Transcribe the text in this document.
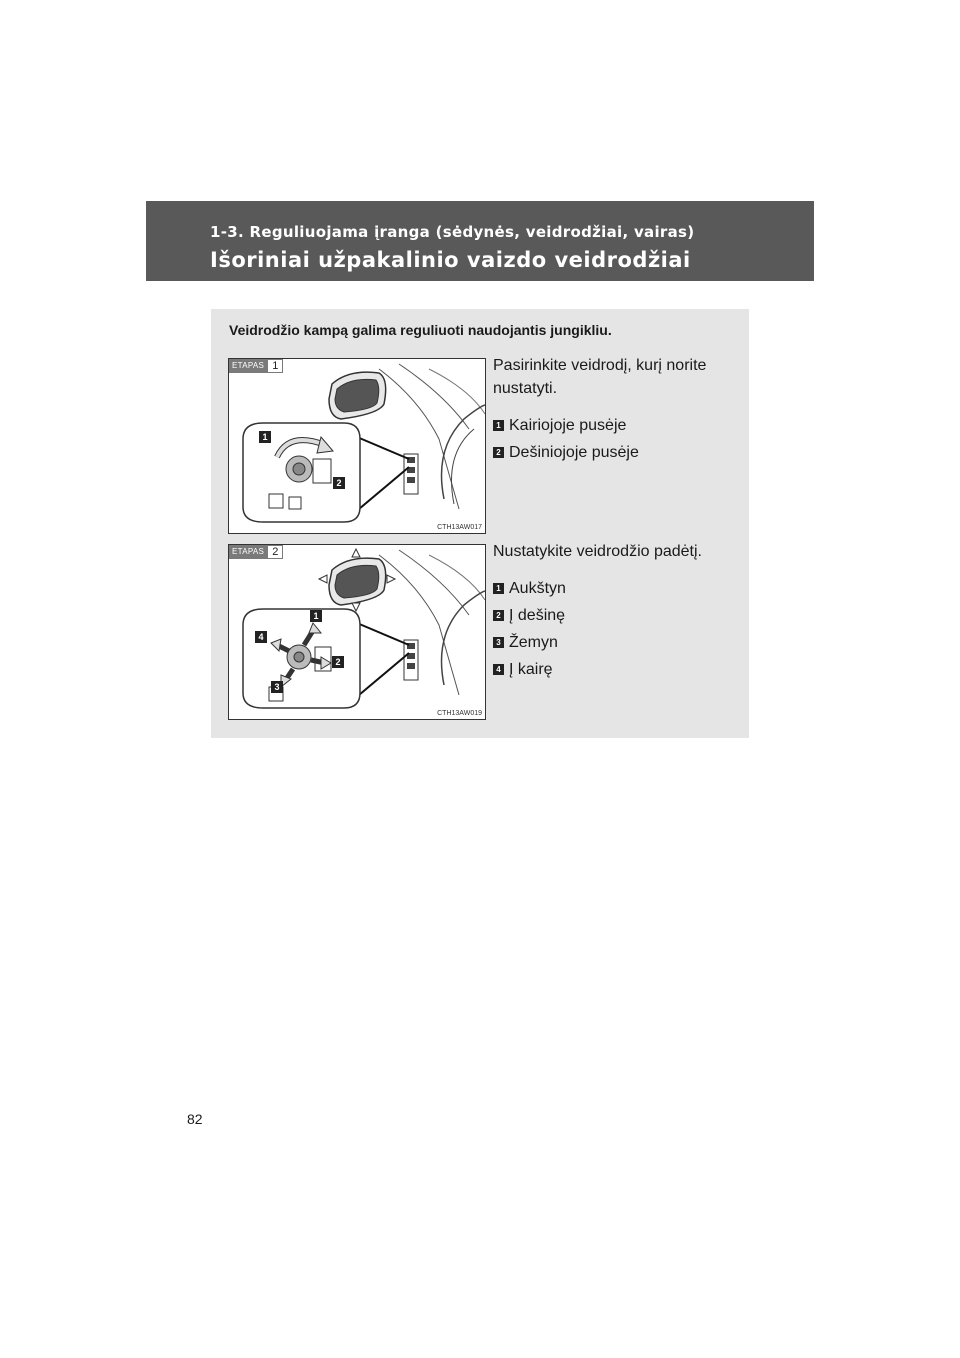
1-3. Reguliuojama įranga (sėdynės, veidrodžiai, vairas)
Išoriniai užpakalinio vaizdo veidrodžiai
Veidrodžio kampą galima reguliuoti naudojantis jungikliu.
1
2
ETAPAS 1
CTH13AW017
Pasirinkite veidrodį, kurį norite nustatyti.
1 Kairiojoje pusėje
2 Dešiniojoje pusėje
1
2
3
4
ETAPAS 2
CTH13AW019
Nustatykite veidrodžio padėtį.
1 Aukštyn
2 Į dešinę
3 Žemyn
4 Į kairę
82
